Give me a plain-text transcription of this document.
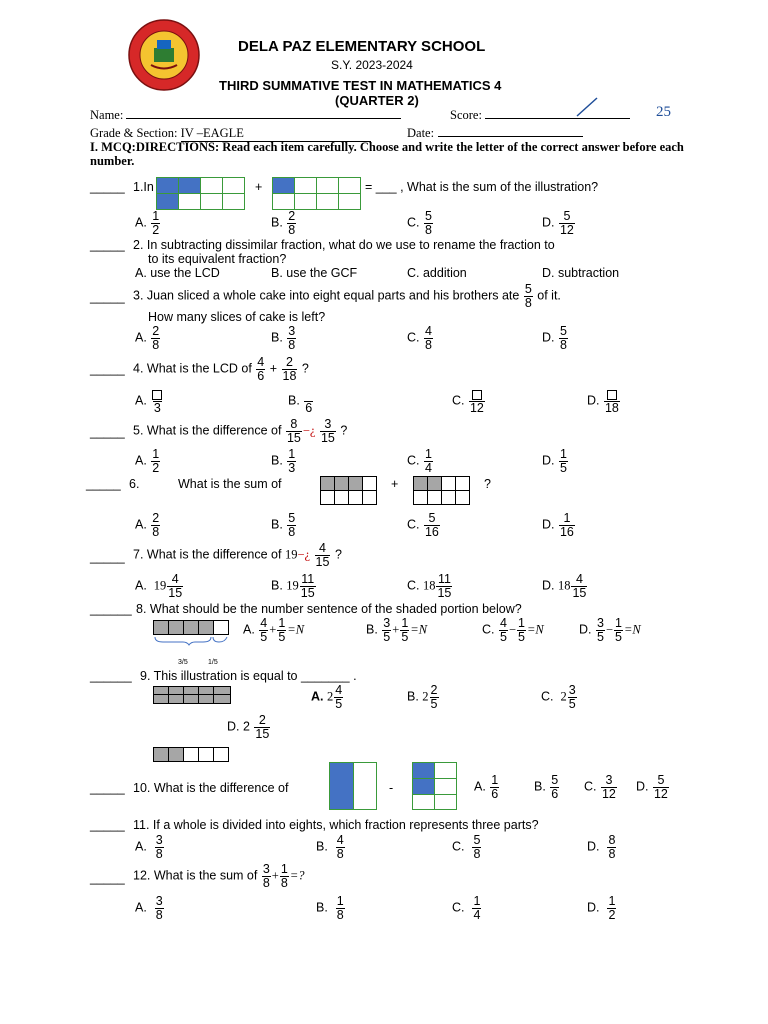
DELA PAZ ELEMENTARY SCHOOL
S.Y. 2023-2024
THIRD SUMMATIVE TEST IN MATHEMATICS 4
(QUARTER 2)
Name:	Score:	25
Grade & Section: IV –EAGLE	Date:
I. MCQ:DIRECTIONS: Read each item carefully. Choose and write the letter of the correct answer before each number.
_____ 1.In	+	= ___ , What is the sum of the illustration?
A. $\frac{1}{2}$	B. $\frac{2}{8}$	C. $\frac{5}{8}$	D. $\frac{5}{12}$
_____ 2. In subtracting dissimilar fraction, what do we use to rename the fraction to
to its equivalent fraction?
A. use the LCD	B. use the GCF	C. addition	D. subtraction
_____ 3. Juan sliced a whole cake into eight equal parts and his brothers ate $\frac{5}{8}$ of it.
How many slices of cake is left?
A. $\frac{2}{8}$	B. $\frac{3}{8}$	C. $\frac{4}{8}$	D. $\frac{5}{8}$
_____ 4. What is the LCD of $\frac{4}{6} + \frac{2}{18}$ ?
A.
3
B.

6
C.
12
D.
18
_____ 5. What is the difference of $\frac{8}{15}$ −¿ $\frac{3}{15}$ ?
A. $\frac{1}{2}$	B. $\frac{1}{3}$	C. $\frac{1}{4}$	D. $\frac{1}{5}$
_____ 6.	What is the sum of	+	?
A. $\frac{2}{8}$	B. $\frac{5}{8}$	C. $\frac{5}{16}$	D. $\frac{1}{16}$
_____ 7. What is the difference of 19−¿ $\frac{4}{15}$ ?
A. $19 \frac{4}{15}$	B. $19 \frac{11}{15}$	C. $18 \frac{11}{15}$	D. $18 \frac{4}{15}$
______ 8. What should be the number sentence of the shaded portion below?
3/5	1/5
A. $\frac{4}{5} + \frac{1}{5} =N$	B. $\frac{3}{5} + \frac{1}{5} =N$	C. $\frac{4}{5} - \frac{1}{5} =N$	D. $\frac{3}{5} - \frac{1}{5} =N$
______ 9. This illustration is equal to _______ .
A. $2 \frac{4}{5}$	B. $2 \frac{2}{5}$	C. $2 \frac{3}{5}$
D. $2 \frac{2}{15}$
_____ 10. What is the difference of	-	A. $\frac{1}{6}$	B. $\frac{5}{6} C$. $\frac{3}{12} D$. $\frac{5}{12}$
_____ 11. If a whole is divided into eights, which fraction represents three parts?
A. $\frac{3}{8}$	B. $\frac{4}{8}$	C. $\frac{5}{8}$	D. $\frac{8}{8}$
_____ 12. What is the sum of $\frac{3}{8} + \frac{1}{8}$ =?
A. $\frac{3}{8}$	B. $\frac{1}{8}$	C. $\frac{1}{4}$	D. $\frac{1}{2}$
